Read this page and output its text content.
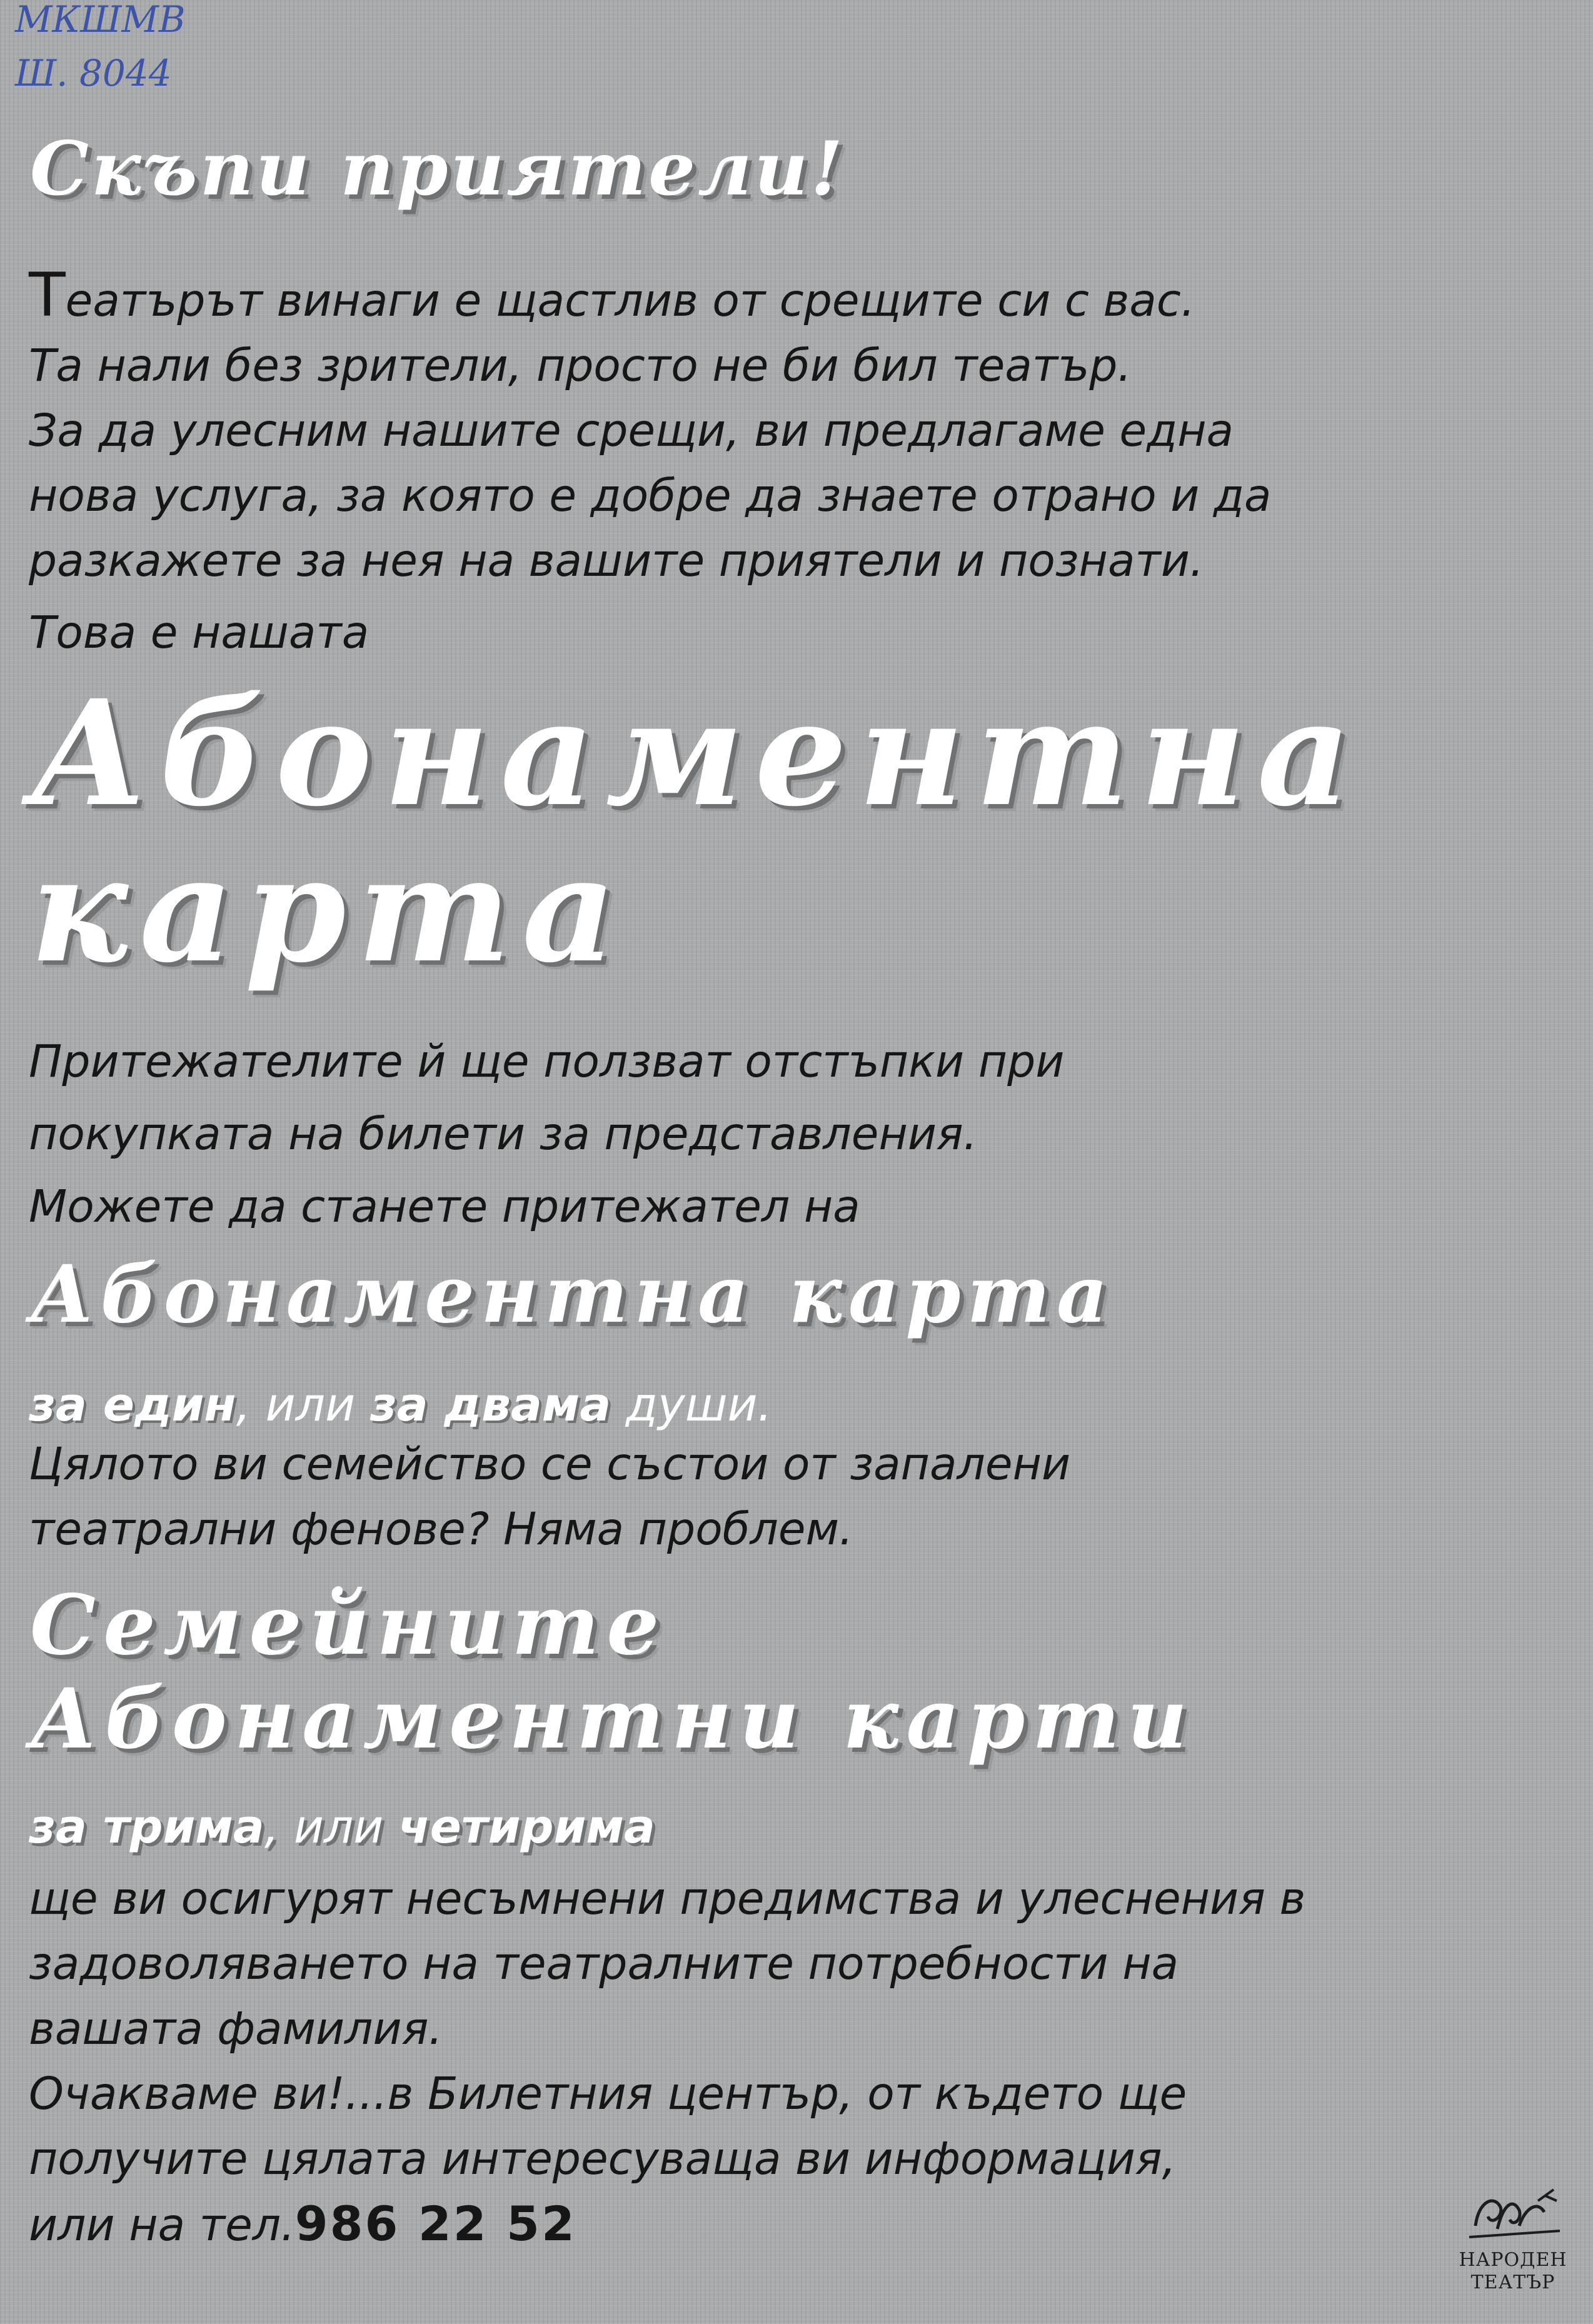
МКШМВ
Ш. 8044
Скъпи приятели!
Театърът винаги е щастлив от срещите си с вас.
Та нали без зрители, просто не би бил театър.
За да улесним нашите срещи, ви предлагаме една
нова услуга, за която е добре да знаете отрано и да
разкажете за нея на вашите приятели и познати.
Това е нашата
Абонаментна
карта
Притежателите й ще ползват отстъпки при
покупката на билети за представления.
Можете да станете притежател на
Абонаментна карта
за един, или за двама души.
Цялото ви семейство се състои от запалени
театрални фенове? Няма проблем.
Семейните
Абонаментни карти
за трима, или четирима
ще ви осигурят несъмнени предимства и улеснения в
задоволяването на театралните потребности на
вашата фамилия.
Очакваме ви!...в Билетния център, от където ще
получите цялата интересуваща ви информация,
или на тел.986 22 52
НАРОДЕН
ТЕАТЪР
